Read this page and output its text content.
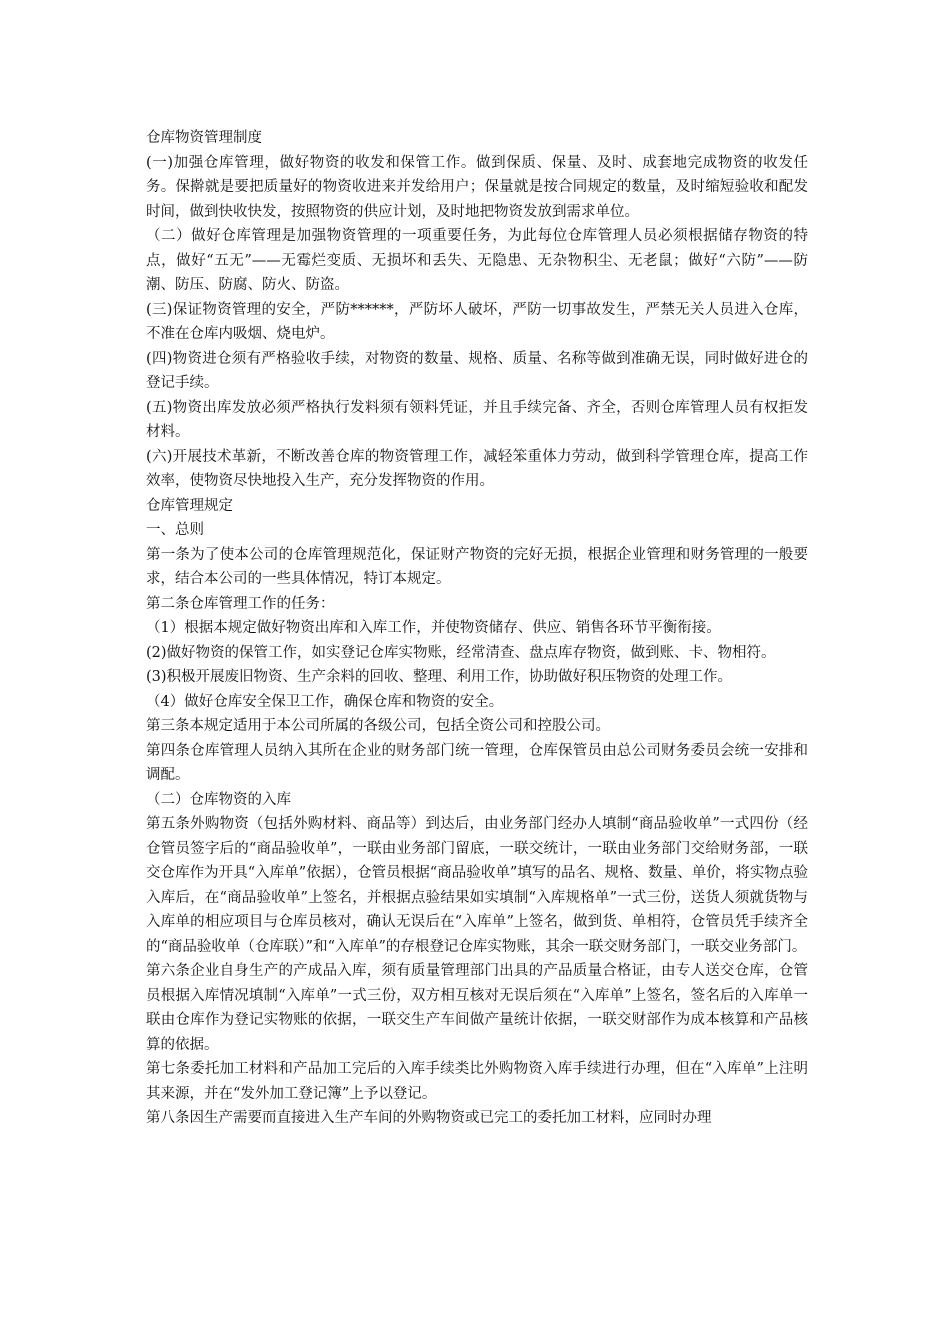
仓库物资管理制度

(一)加强仓库管理，做好物资的收发和保管工作。做到保质、保量、及时、成套地完成物资的收发任务。保擀就是要把质量好的物资收进来并发给用户；保量就是按合同规定的数量，及时缩短验收和配发时间，做到快收快发，按照物资的供应计划，及时地把物资发放到需求单位。

（二）做好仓库管理是加强物资管理的一项重要任务，为此每位仓库管理人员必须根据储存物资的特点，做好“五无”——无霉烂变质、无损坏和丢失、无隐患、无杂物积尘、无老鼠；做好“六防”——防潮、防压、防腐、防火、防盗。

(三)保证物资管理的安全，严防******，严防坏人破坏，严防一切事故发生，严禁无关人员进入仓库，不准在仓库内吸烟、烧电炉。

(四)物资进仓须有严格验收手续，对物资的数量、规格、质量、名称等做到准确无误，同时做好进仓的登记手续。

(五)物资出库发放必须严格执行发料须有领料凭证，并且手续完备、齐全，否则仓库管理人员有权拒发材料。

(六)开展技术革新，不断改善仓库的物资管理工作，减轻笨重体力劳动，做到科学管理仓库，提高工作效率，使物资尽快地投入生产，充分发挥物资的作用。

仓库管理规定

一、总则

第一条为了使本公司的仓库管理规范化，保证财产物资的完好无损，根据企业管理和财务管理的一般要求，结合本公司的一些具体情况，特订本规定。

第二条仓库管理工作的任务：

（1）根据本规定做好物资出库和入库工作，并使物资储存、供应、销售各环节平衡衔接。

(2)做好物资的保管工作，如实登记仓库实物账，经常清查、盘点库存物资，做到账、卡、物相符。

(3)积极开展废旧物资、生产余料的回收、整理、利用工作，协助做好积压物资的处理工作。

（4）做好仓库安全保卫工作，确保仓库和物资的安全。

第三条本规定适用于本公司所属的各级公司，包括全资公司和控股公司。

第四条仓库管理人员纳入其所在企业的财务部门统一管理，仓库保管员由总公司财务委员会统一安排和调配。

（二）仓库物资的入库

第五条外购物资（包括外购材料、商品等）到达后，由业务部门经办人填制“商品验收单”一式四份（经仓管员签字后的“商品验收单”，一联由业务部门留底，一联交统计，一联由业务部门交给财务部，一联交仓库作为开具“入库单”依据），仓管员根据“商品验收单”填写的品名、规格、数量、单价，将实物点验入库后，在“商品验收单”上签名，并根据点验结果如实填制“入库规格单”一式三份，送货人须就货物与入库单的相应项目与仓库员核对，确认无误后在“入库单”上签名，做到货、单相符，仓管员凭手续齐全的“商品验收单（仓库联）”和“入库单”的存根登记仓库实物账，其余一联交财务部门，一联交业务部门。

第六条企业自身生产的产成品入库，须有质量管理部门出具的产品质量合格证，由专人送交仓库，仓管员根据入库情况填制“入库单”一式三份，双方相互核对无误后须在“入库单”上签名，签名后的入库单一联由仓库作为登记实物账的依据，一联交生产车间做产量统计依据，一联交财部作为成本核算和产品核算的依据。

第七条委托加工材料和产品加工完后的入库手续类比外购物资入库手续进行办理，但在“入库单”上注明其来源，并在“发外加工登记簿”上予以登记。

第八条因生产需要而直接进入生产车间的外购物资或已完工的委托加工材料，应同时办理
